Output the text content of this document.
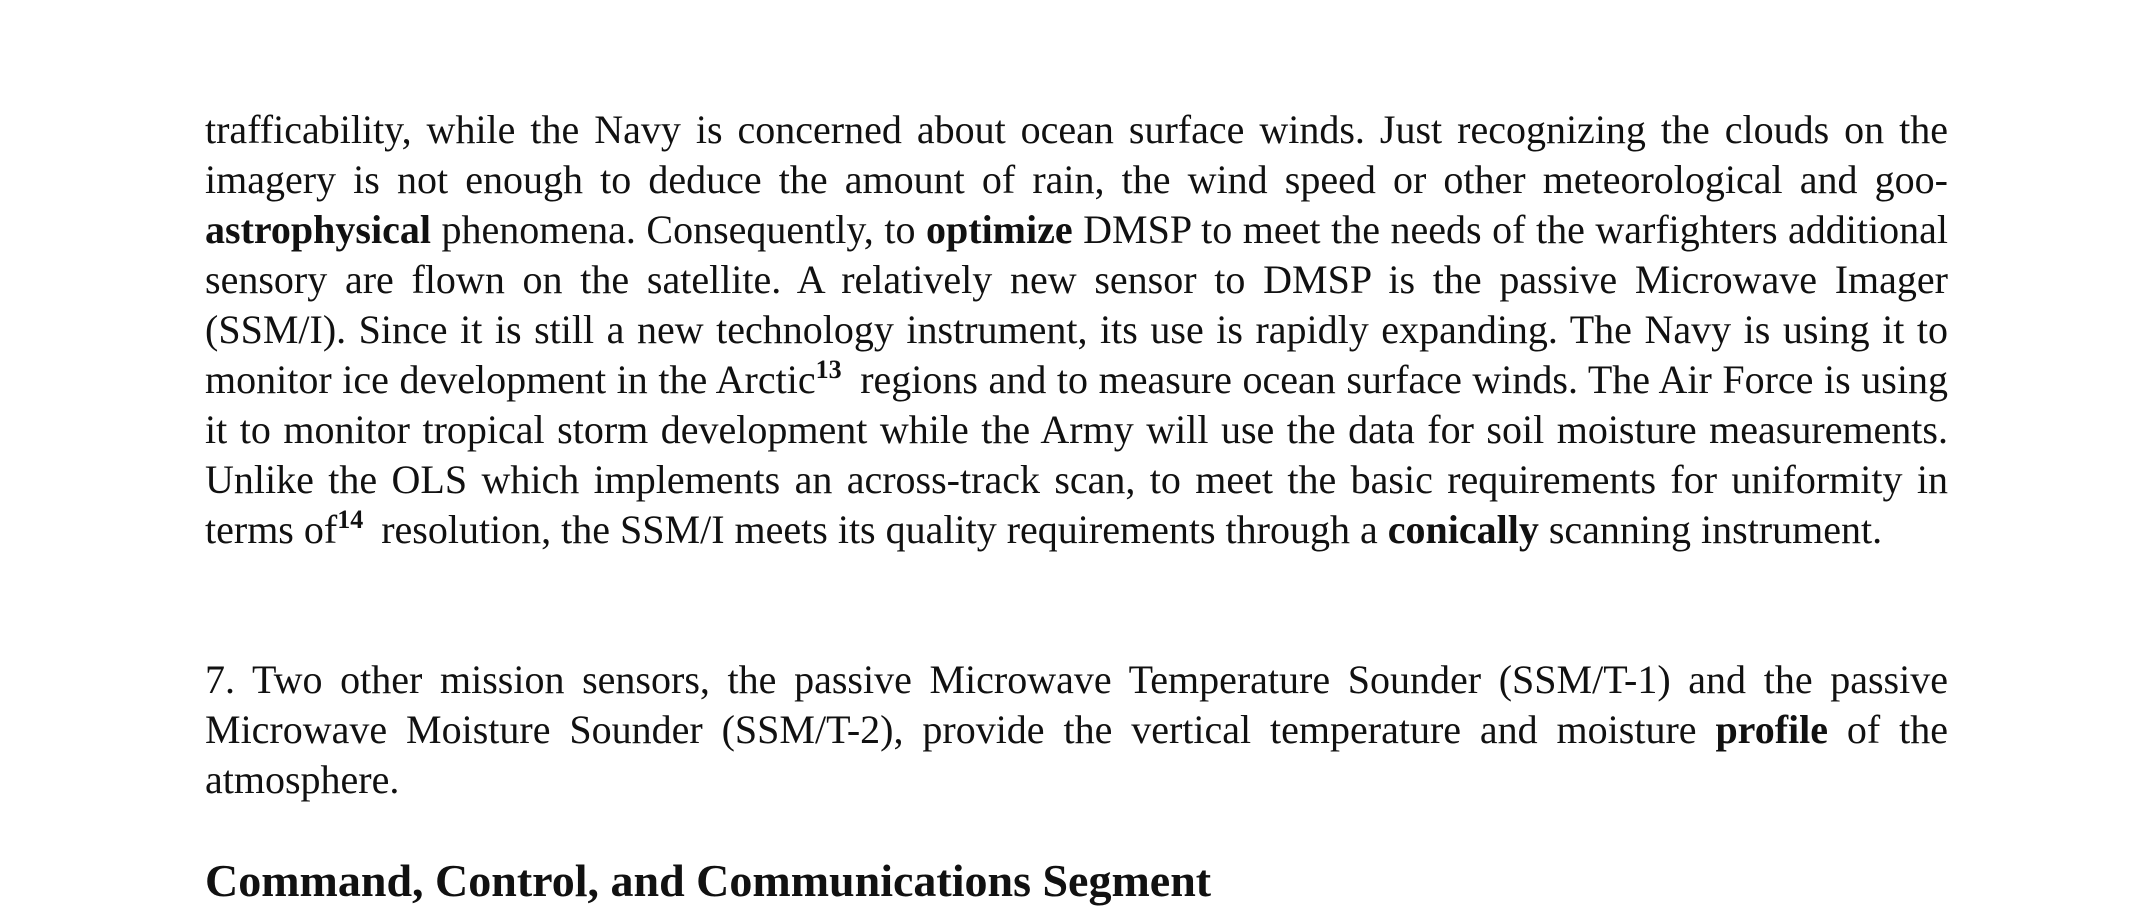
trafficability, while the Navy is concerned about ocean surface winds. Just recognizing the clouds on the imagery is not enough to deduce the amount of rain, the wind speed or other meteorological and goo-astrophysical phenomena. Consequently, to optimize DMSP to meet the needs of the warfighters additional sensory are flown on the satellite. A relatively new sensor to DMSP is the passive Microwave Imager (SSM/I). Since it is still a new technology instrument, its use is rapidly expanding. The Navy is using it to monitor ice development in the Arctic$^{13}$ regions and to measure ocean surface winds. The Air Force is using it to monitor tropical storm development while the Army will use the data for soil moisture measurements. Unlike the OLS which implements an across-track scan, to meet the basic requirements for uniformity in terms $of^{14}$ resolution, the SSM/I meets its quality requirements through a conically scanning instrument.

7. Two other mission sensors, the passive Microwave Temperature Sounder (SSM/T-1) and the passive Microwave Moisture Sounder (SSM/T-2), provide the vertical temperature and moisture profile of the atmosphere.

Command, Control, and Communications Segment
